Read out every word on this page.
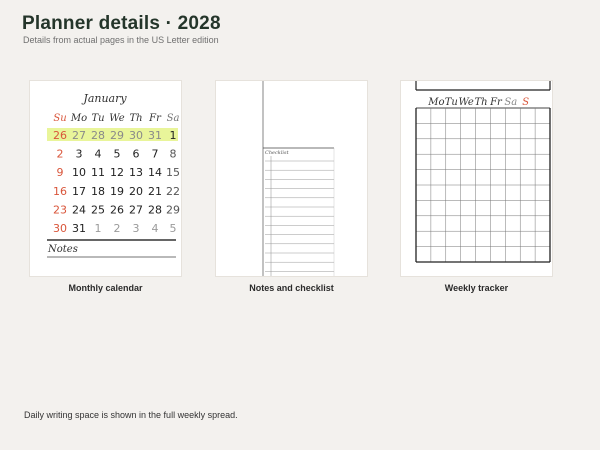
Planner details · 2028

Details from actual pages in the US Letter edition

January
Su Mo Tu We Th Fr Sa
26 27 28 29 30 31 1
2 3 4 5 6 7 8
9 10 11 12 13 14 15
16 17 18 19 20 21 22
23 24 25 26 27 28 29
30 31 1 2 3 4 5
Notes
Monthly calendar
Checklist
Notes and checklist
Mo Tu We Th Fr Sa S
Weekly tracker

Daily writing space is shown in the full weekly spread.
